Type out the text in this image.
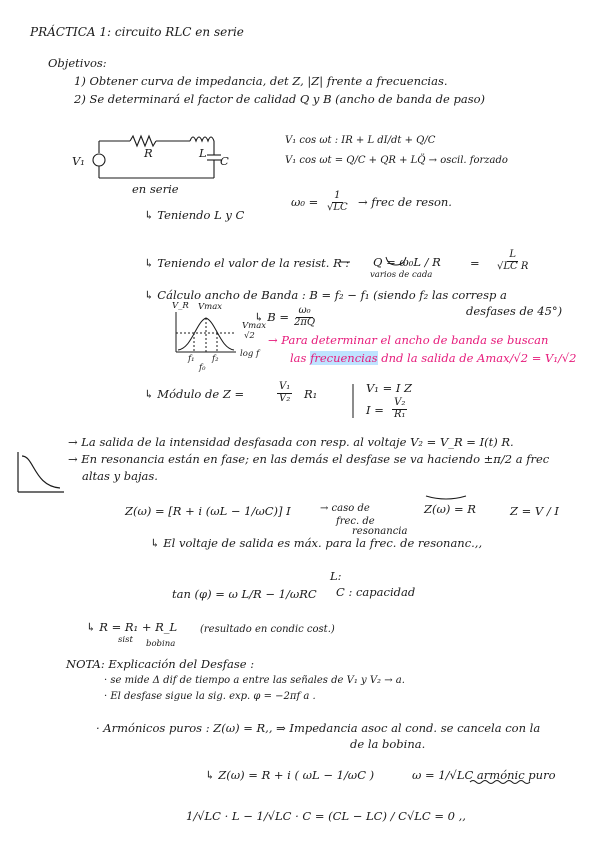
PRÁCTICA 1: circuito RLC en serie
Objetivos:
1) Obtener curva de impedancia, det Z, |Z| frente a frecuencias.
2) Se determinará el factor de calidad Q y B (ancho de banda de paso)
R	L
C
V₁
en serie
V₁ cos ωt : IR + L dI/dt + Q/C
V₁ cos ωt = Q/C + QR + LQ̈ → oscil. forzado
↳ Teniendo L y C
$\omega_0 = \frac{1}{√LC}$ → frec de reson.
↳ Teniendo el valor de la resist. R : Q = ω₀L / R
varios de cada
= $\frac{L}{\text{√LC R}}$
↳ Cálculo ancho de Banda : B = f₂ − f₁ (siendo f₂ las corresp a
desfases de 45°)
↳ $B = \frac{\text{ω₀}}{2\pi Q}$
V_R Vmax
Vmax
√2
f₁ f₂
f₀
log f
→ Para determinar el ancho de banda se buscan
las frecuencias dnd la salida de Amax/√2 = V₁/√2
↳ Módulo de Z =	$\frac{\text{V₁}}{\text{V₂}} R_1$	V₁ = I Z
$I = \frac{\text{V₂}}{\text{R₁}}$
→ La salida de la intensidad desfasada con resp. al voltaje V₂ = V_R = I(t) R.
→ En resonancia están en fase; en las demás el desfase se va haciendo ±π/2 a frec
altas y bajas.
Z(ω) = [R + i (ωL − 1/ωC)] I	→ caso de
frec. de
resonancia
Z(ω) = R	Z = V / I
↳ El voltaje de salida es máx. para la frec. de resonanc.,,
L:
tan (φ) = ω L/R − 1/ωRC C : capacidad
↳ R = R₁ + R_L
sist bobina
(resultado en condic cost.)
NOTA: Explicación del Desfase :
· se mide Δ dif de tiempo a entre las señales de V₁ y V₂ → a.
· El desfase sigue la sig. exp. φ = −2πf a .
· Armónicos puros : Z(ω) = R,, ⇒ Impedancia asoc al cond. se cancela con la
de la bobina.
↳ Z(ω) = R + i ( ωL − 1/ωC )	ω = 1/√LC armónic puro
1/√LC · L − 1/√LC · C = (CL − LC) / C√LC = 0 ,,
